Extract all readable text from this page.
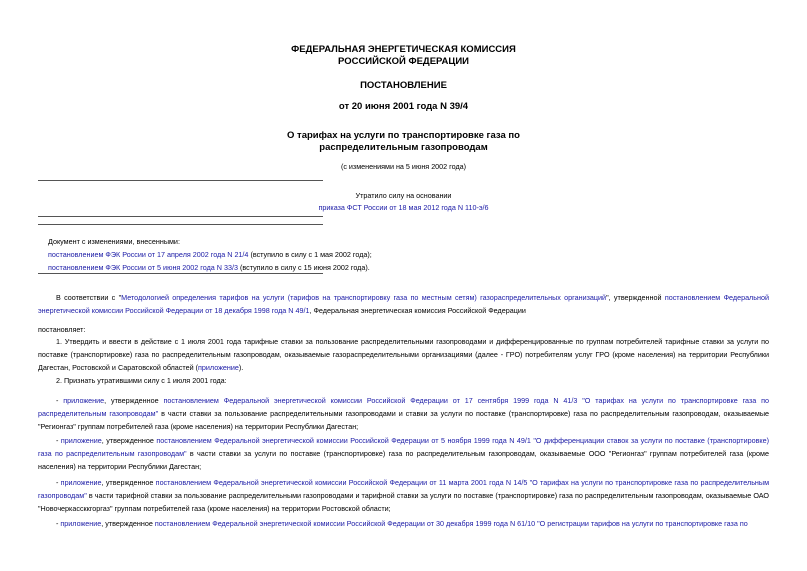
ФЕДЕРАЛЬНАЯ ЭНЕРГЕТИЧЕСКАЯ КОМИССИЯ
РОССИЙСКОЙ ФЕДЕРАЦИИ
ПОСТАНОВЛЕНИЕ
от 20 июня 2001 года N 39/4
О тарифах на услуги по транспортировке газа по
распределительным газопроводам
(с изменениями на 5 июня 2002 года)
Утратило силу на основании
приказа ФСТ России от 18 мая 2012 года N 110-э/6
Документ с изменениями, внесенными:
постановлением ФЭК России от 17 апреля 2002 года N 21/4 (вступило в силу с 1 мая 2002 года);
постановлением ФЭК России от 5 июня 2002 года N 33/3 (вступило в силу с 15 июня 2002 года).
В соответствии с "Методологией определения тарифов на услуги (тарифов на транспортировку газа по местным сетям) газораспределительных организаций", утвержденной постановлением Федеральной энергетической комиссии Российской Федерации от 18 декабря 1998 года N 49/1, Федеральная энергетическая комиссия Российской Федерации
постановляет:
1. Утвердить и ввести в действие с 1 июля 2001 года тарифные ставки за пользование распределительными газопроводами и дифференцированные по группам потребителей тарифные ставки за услуги по поставке (транспортировке) газа по распределительным газопроводам, оказываемые газораспределительными организациями (далее - ГРО) потребителям услуг ГРО (кроме населения) на территории Республики Дагестан, Ростовской и Саратовской областей (приложение).
2. Признать утратившими силу с 1 июля 2001 года:
- приложение, утвержденное постановлением Федеральной энергетической комиссии Российской Федерации от 17 сентября 1999 года N 41/3 "О тарифах на услуги по транспортировке газа по распределительным газопроводам" в части ставки за пользование распределительными газопроводами и ставки за услуги по поставке (транспортировке) газа по распределительным газопроводам, оказываемые "Регионгаз" группам потребителей газа (кроме населения) на территории Республики Дагестан;
- приложение, утвержденное постановлением Федеральной энергетической комиссии Российской Федерации от 5 ноября 1999 года N 49/1 "О дифференциации ставок за услуги по поставке (транспортировке) газа по распределительным газопроводам" в части ставки за услуги по поставке (транспортировке) газа по распределительным газопроводам, оказываемые ООО "Регионгаз" группам потребителей газа (кроме населения) на территории Республики Дагестан;
- приложение, утвержденное постановлением Федеральной энергетической комиссии Российской Федерации от 11 марта 2001 года N 14/5 "О тарифах на услуги по транспортировке газа по распределительным газопроводам" в части тарифной ставки за пользование распределительными газопроводами и тарифной ставки за услуги по поставке (транспортировке) газа по распределительным газопроводам, оказываемые ОАО "Новочеркассккгоргаз" группам потребителей газа (кроме населения) на территории Ростовской области;
- приложение, утвержденное постановлением Федеральной энергетической комиссии Российской Федерации от 30 декабря 1999 года N 61/10 "О регистрации тарифов на услуги по транспортировке газа по
